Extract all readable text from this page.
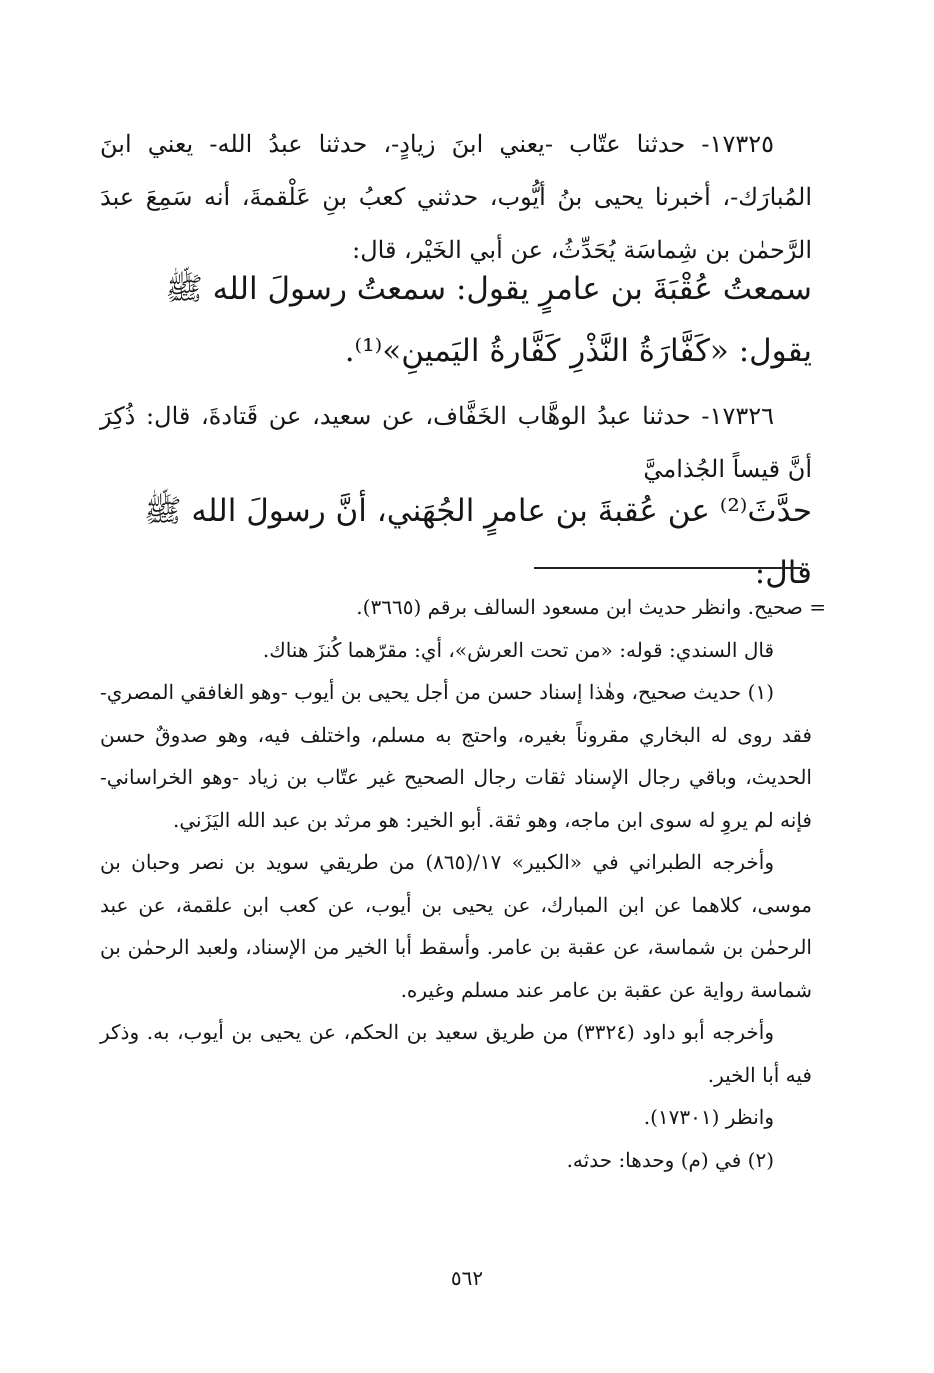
١٧٣٢٥- حدثنا عتّاب -يعني ابنَ زيادٍ-، حدثنا عبدُ الله- يعني ابنَ المُبارَك-، أخبرنا يحيى بنُ أيُّوب، حدثني كعبُ بنِ عَلْقمةَ، أنه سَمِعَ عبدَ الرَّحمٰن بن شِماسَة يُحَدِّثُ، عن أبي الخَيْر، قال:
سمعتُ عُقْبَةَ بن عامرٍ يقول: سمعتُ رسولَ الله ﷺ يقول: «كَفَّارَةُ النَّذْرِ كَفَّارةُ اليَمينِ»⁽¹⁾.
١٧٣٢٦- حدثنا عبدُ الوهَّاب الخَفَّاف، عن سعيد، عن قَتادةَ، قال: ذُكِرَ أنَّ قيساً الجُذاميَّ
حدَّثَ⁽²⁾ عن عُقبةَ بن عامرٍ الجُهَني، أنَّ رسولَ الله ﷺ قال:

= صحيح. وانظر حديث ابن مسعود السالف برقم (٣٦٦٥).

قال السندي: قوله: «من تحت العرش»، أي: مقرّهما كُنزَ هناك.

(١) حديث صحيح، وهٰذا إسناد حسن من أجل يحيى بن أيوب -وهو الغافقي المصري- فقد روى له البخاري مقروناً بغيره، واحتج به مسلم، واختلف فيه، وهو صدوقٌ حسن الحديث، وباقي رجال الإسناد ثقات رجال الصحيح غير عتّاب بن زياد -وهو الخراساني- فإنه لم يروِ له سوى ابن ماجه، وهو ثقة. أبو الخير: هو مرثد بن عبد الله اليَزَني.

وأخرجه الطبراني في «الكبير» ١٧/(٨٦٥) من طريقي سويد بن نصر وحبان بن موسى، كلاهما عن ابن المبارك، عن يحيى بن أيوب، عن كعب ابن علقمة، عن عبد الرحمٰن بن شماسة، عن عقبة بن عامر. وأسقط أبا الخير من الإسناد، ولعبد الرحمٰن بن شماسة رواية عن عقبة بن عامر عند مسلم وغيره.

وأخرجه أبو داود (٣٣٢٤) من طريق سعيد بن الحكم، عن يحيى بن أيوب، به. وذكر فيه أبا الخير.

وانظر (١٧٣٠١).

(٢) في (م) وحدها: حدثه.

٥٦٢
